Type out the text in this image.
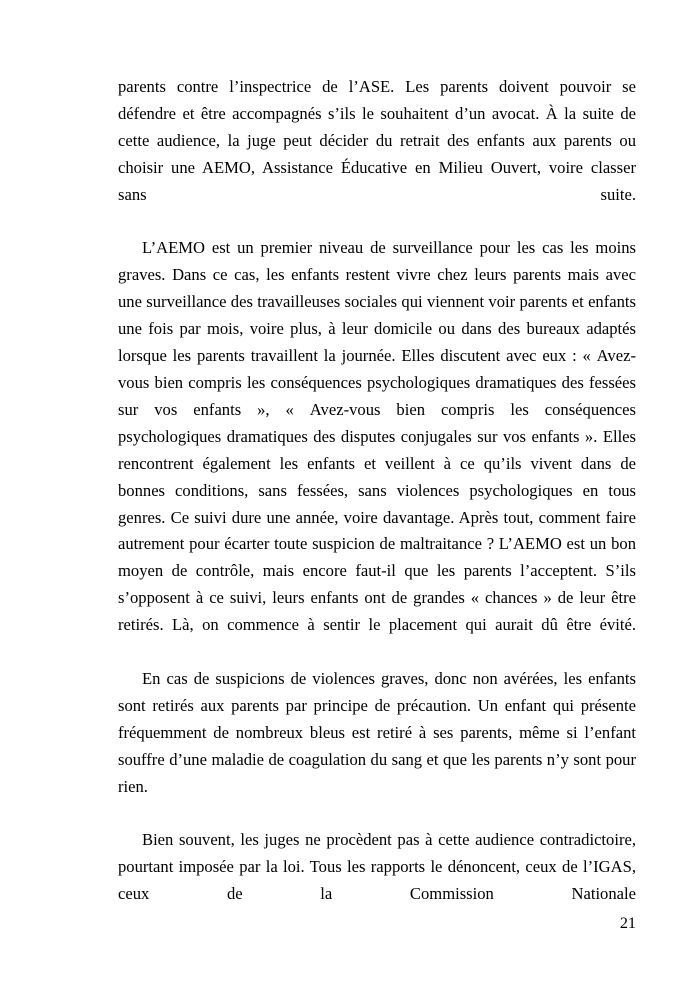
parents contre l’inspectrice de l’ASE. Les parents doivent pouvoir se défendre et être accompagnés s’ils le souhaitent d’un avocat. À la suite de cette audience, la juge peut décider du retrait des enfants aux parents ou choisir une AEMO, Assistance Éducative en Milieu Ouvert, voire classer sans suite.

L’AEMO est un premier niveau de surveillance pour les cas les moins graves. Dans ce cas, les enfants restent vivre chez leurs parents mais avec une surveillance des travailleuses sociales qui viennent voir parents et enfants une fois par mois, voire plus, à leur domicile ou dans des bureaux adaptés lorsque les parents travaillent la journée. Elles discutent avec eux : « Avez-vous bien compris les conséquences psychologiques dramatiques des fessées sur vos enfants », « Avez-vous bien compris les conséquences psychologiques dramatiques des disputes conjugales sur vos enfants ». Elles rencontrent également les enfants et veillent à ce qu’ils vivent dans de bonnes conditions, sans fessées, sans violences psychologiques en tous genres. Ce suivi dure une année, voire davantage. Après tout, comment faire autrement pour écarter toute suspicion de maltraitance ? L’AEMO est un bon moyen de contrôle, mais encore faut-il que les parents l’acceptent. S’ils s’opposent à ce suivi, leurs enfants ont de grandes « chances » de leur être retirés. Là, on commence à sentir le placement qui aurait dû être évité.

En cas de suspicions de violences graves, donc non avérées, les enfants sont retirés aux parents par principe de précaution. Un enfant qui présente fréquemment de nombreux bleus est retiré à ses parents, même si l’enfant souffre d’une maladie de coagulation du sang et que les parents n’y sont pour rien.

Bien souvent, les juges ne procèdent pas à cette audience contradictoire, pourtant imposée par la loi. Tous les rapports le dénoncent, ceux de l’IGAS, ceux de la Commission Nationale

21
